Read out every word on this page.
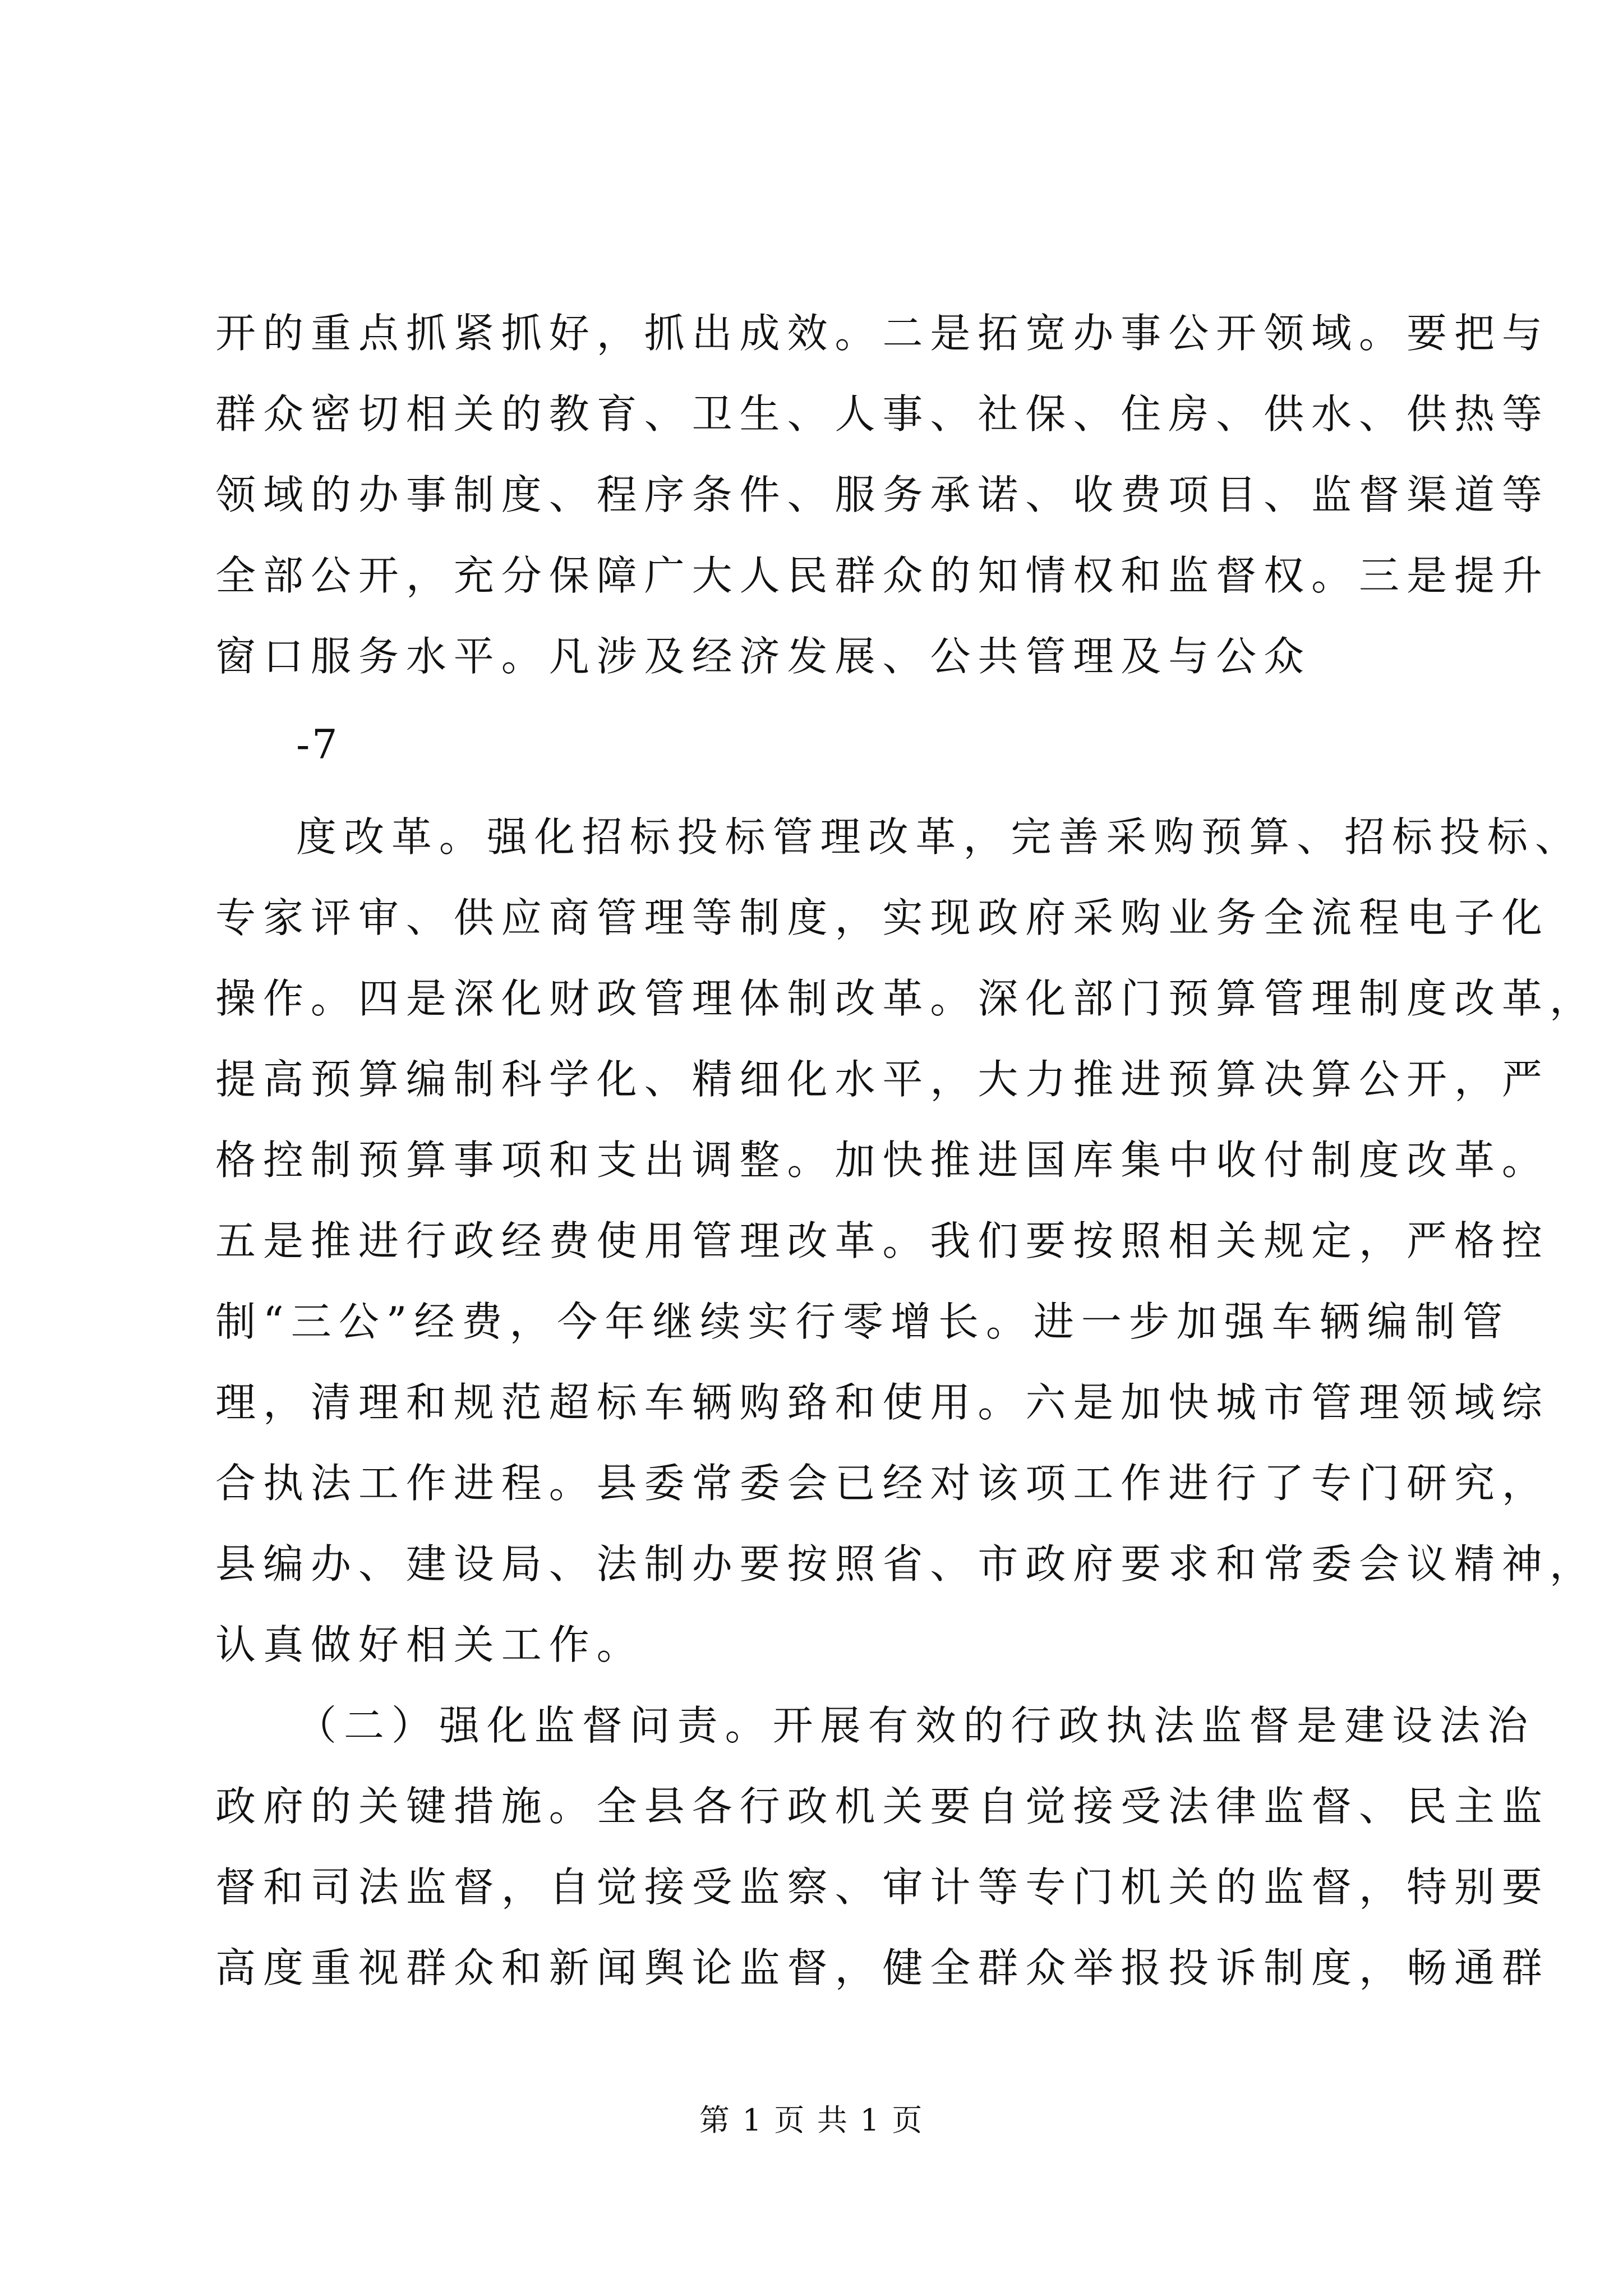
开的重点抓紧抓好，抓出成效。二是拓宽办事公开领域。要把与
群众密切相关的教育、卫生、人事、社保、住房、供水、供热等
领域的办事制度、程序条件、服务承诺、收费项目、监督渠道等
全部公开，充分保障广大人民群众的知情权和监督权。三是提升
窗口服务水平。凡涉及经济发展、公共管理及与公众
-7
度改革。强化招标投标管理改革，完善采购预算、招标投标、
专家评审、供应商管理等制度，实现政府采购业务全流程电子化
操作。四是深化财政管理体制改革。深化部门预算管理制度改革，
提高预算编制科学化、精细化水平，大力推进预算决算公开，严
格控制预算事项和支出调整。加快推进国库集中收付制度改革。
五是推进行政经费使用管理改革。我们要按照相关规定，严格控
制“三公”经费，今年继续实行零增长。进一步加强车辆编制管
理，清理和规范超标车辆购臵和使用。六是加快城市管理领域综
合执法工作进程。县委常委会已经对该项工作进行了专门研究，
县编办、建设局、法制办要按照省、市政府要求和常委会议精神，
认真做好相关工作。
（二）强化监督问责。开展有效的行政执法监督是建设法治
政府的关键措施。全县各行政机关要自觉接受法律监督、民主监
督和司法监督，自觉接受监察、审计等专门机关的监督，特别要
高度重视群众和新闻舆论监督，健全群众举报投诉制度，畅通群
第 1 页 共 1 页
